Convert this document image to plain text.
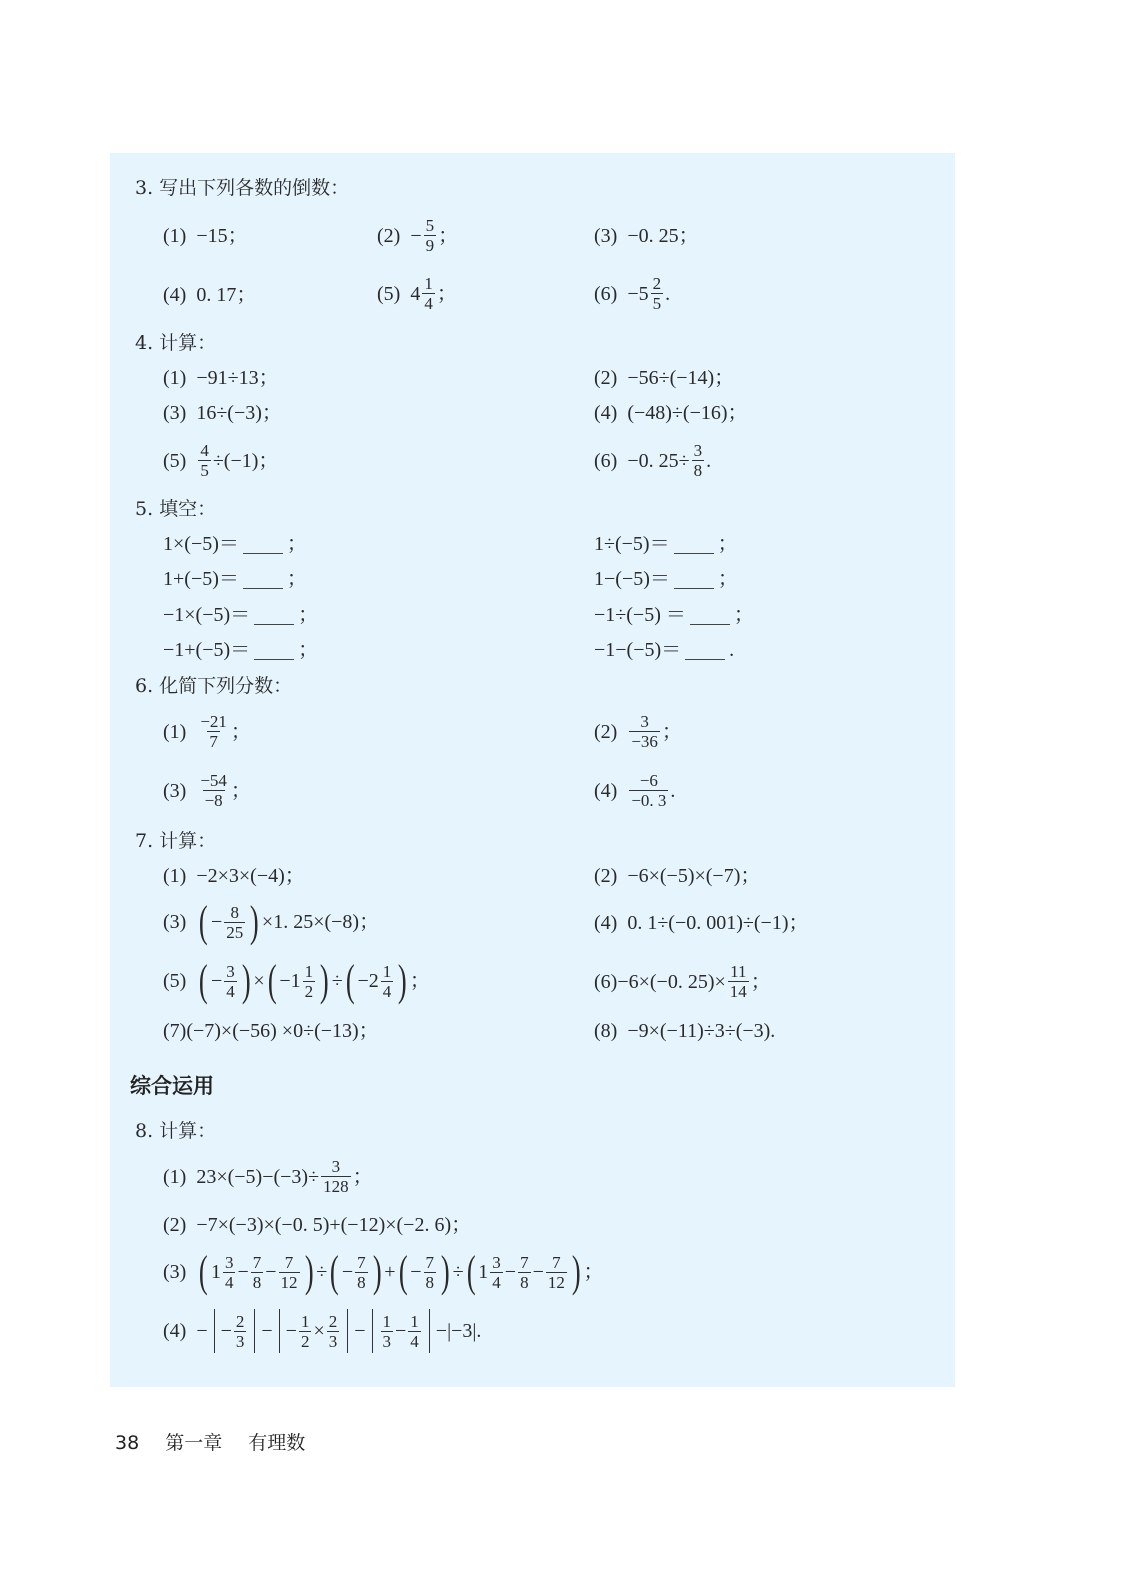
3. 写出下列各数的倒数：
(1) −15 ；	$(2) - \frac{5}{9}$ ；	(3) −0. 25 ；
(4) 0. 17 ；	(5) $4 \frac{1}{4}$ ；	$(6) -5 \frac{2}{5}$ .
4. 计算：
(1) −91÷13；	(2) −56÷(−14)；
(3) 16÷(−3)；	(4) (−48)÷(−16)；
$(5) \frac{4}{5} \div(-1)$；	(6) −0. $25\div \frac{3}{8}$ .
5. 填空：
1×(−5)＝ ；	1÷(−5)＝ ；
1+(−5)＝ ；	1−(−5)＝ ；
−1×(−5)＝ ；	−1÷(−5) ＝ ；
−1+(−5)＝ ；	−1−(−5)＝ .
6. 化简下列分数：
$(1) \frac{-21}{7}$ ；	$(2) \frac{3}{-36}$ ；
$(3) \frac{-54}{-8}$ ；	$(4) \frac{-6}{-0. 3}$ .
7. 计算：
(1) −2×3×(−4)；	(2) −6×(−5)×(−7)；
(3) ( − $\frac{8}{25}$ ) ×1. 25×(−8)；	(4) 0. 1÷(−0. 001)÷(−1)；
(5) ( − $\frac{3}{4}$ ) × ( $-1 \frac{1}{2}$ ) ÷ ( $-2 \frac{1}{4}$ ) ；	(6) −6×(−0. $25)\times \frac{11}{14}$ ；
(7) (−7)×(−56) ×0÷(−13)；	(8) −9×(−11)÷3÷(−3).
综合运用
8. 计算：
(1) $23\times(-5)-(-3)\div \frac{3}{128}$ ；
(2) −7×(−3)×(−0. 5)+(−12)×(−2. 6)；
(3) ( $1 \frac{3}{4} - \frac{7}{8} - \frac{7}{12}$ ) ÷ ( − $\frac{7}{8}$ ) + ( − $\frac{7}{8}$ ) ÷ ( $1 \frac{3}{4} - \frac{7}{8} - \frac{7}{12}$ ) ；
(4) − − $\frac{2}{3}$ − − $\frac{1}{2} \times \frac{2}{3} - \frac{1}{3} - \frac{1}{4} -|-3|$.
38 第一章 有理数
